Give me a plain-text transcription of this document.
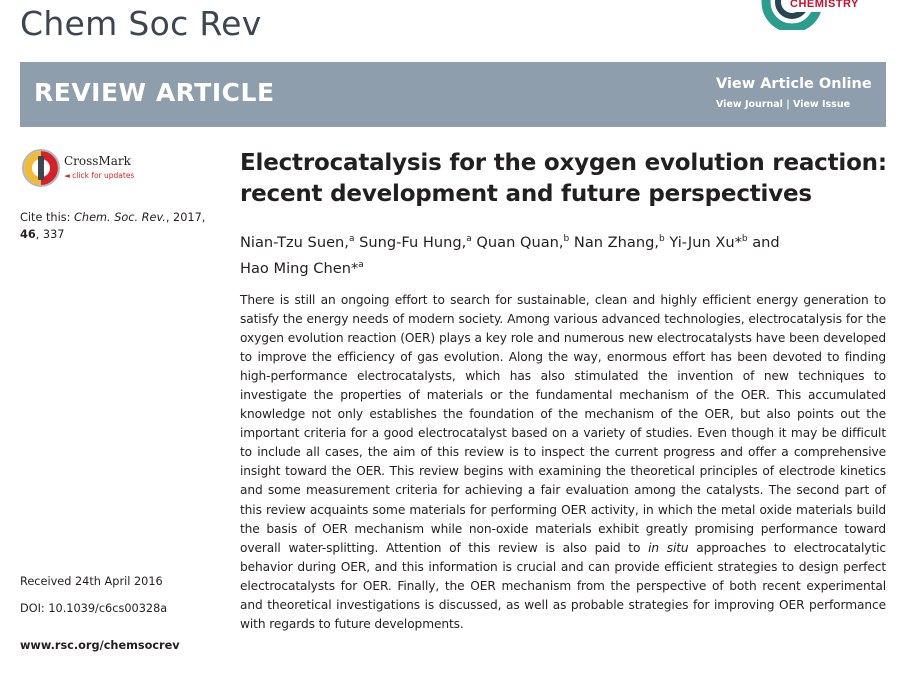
Chem Soc Rev	CHEMISTRY
REVIEW ARTICLE	View Article Online
View Journal | View Issue
CrossMark
◄ click for updates
Cite this: Chem. Soc. Rev., 2017,
46, 337
Received 24th April 2016
DOI: 10.1039/c6cs00328a
www.rsc.org/chemsocrev
Electrocatalysis for the oxygen evolution reaction:
recent development and future perspectives
Nian-Tzu Suen,$^a$ Sung-Fu Hung,$^a$ Quan Quan,$^b$ Nan Zhang,$^b$ Yi-Jun Xu*$^b$ and
Hao Ming Chen*$^a$

There is still an ongoing effort to search for sustainable, clean and highly efficient energy generation to satisfy the energy needs of modern society. Among various advanced technologies, electrocatalysis for the oxygen evolution reaction (OER) plays a key role and numerous new electrocatalysts have been developed to improve the efficiency of gas evolution. Along the way, enormous effort has been devoted to finding high-performance electrocatalysts, which has also stimulated the invention of new techniques to investigate the properties of materials or the fundamental mechanism of the OER. This accumulated knowledge not only establishes the foundation of the mechanism of the OER, but also points out the important criteria for a good electrocatalyst based on a variety of studies. Even though it may be difficult to include all cases, the aim of this review is to inspect the current progress and offer a comprehensive insight toward the OER. This review begins with examining the theoretical principles of electrode kinetics and some measurement criteria for achieving a fair evaluation among the catalysts. The second part of this review acquaints some materials for performing OER activity, in which the metal oxide materials build the basis of OER mechanism while non-oxide materials exhibit greatly promising performance toward overall water-splitting. Attention of this review is also paid to in situ approaches to electrocatalytic behavior during OER, and this information is crucial and can provide efficient strategies to design perfect electrocatalysts for OER. Finally, the OER mechanism from the perspective of both recent experimental and theoretical investigations is discussed, as well as probable strategies for improving OER performance with regards to future developments.
